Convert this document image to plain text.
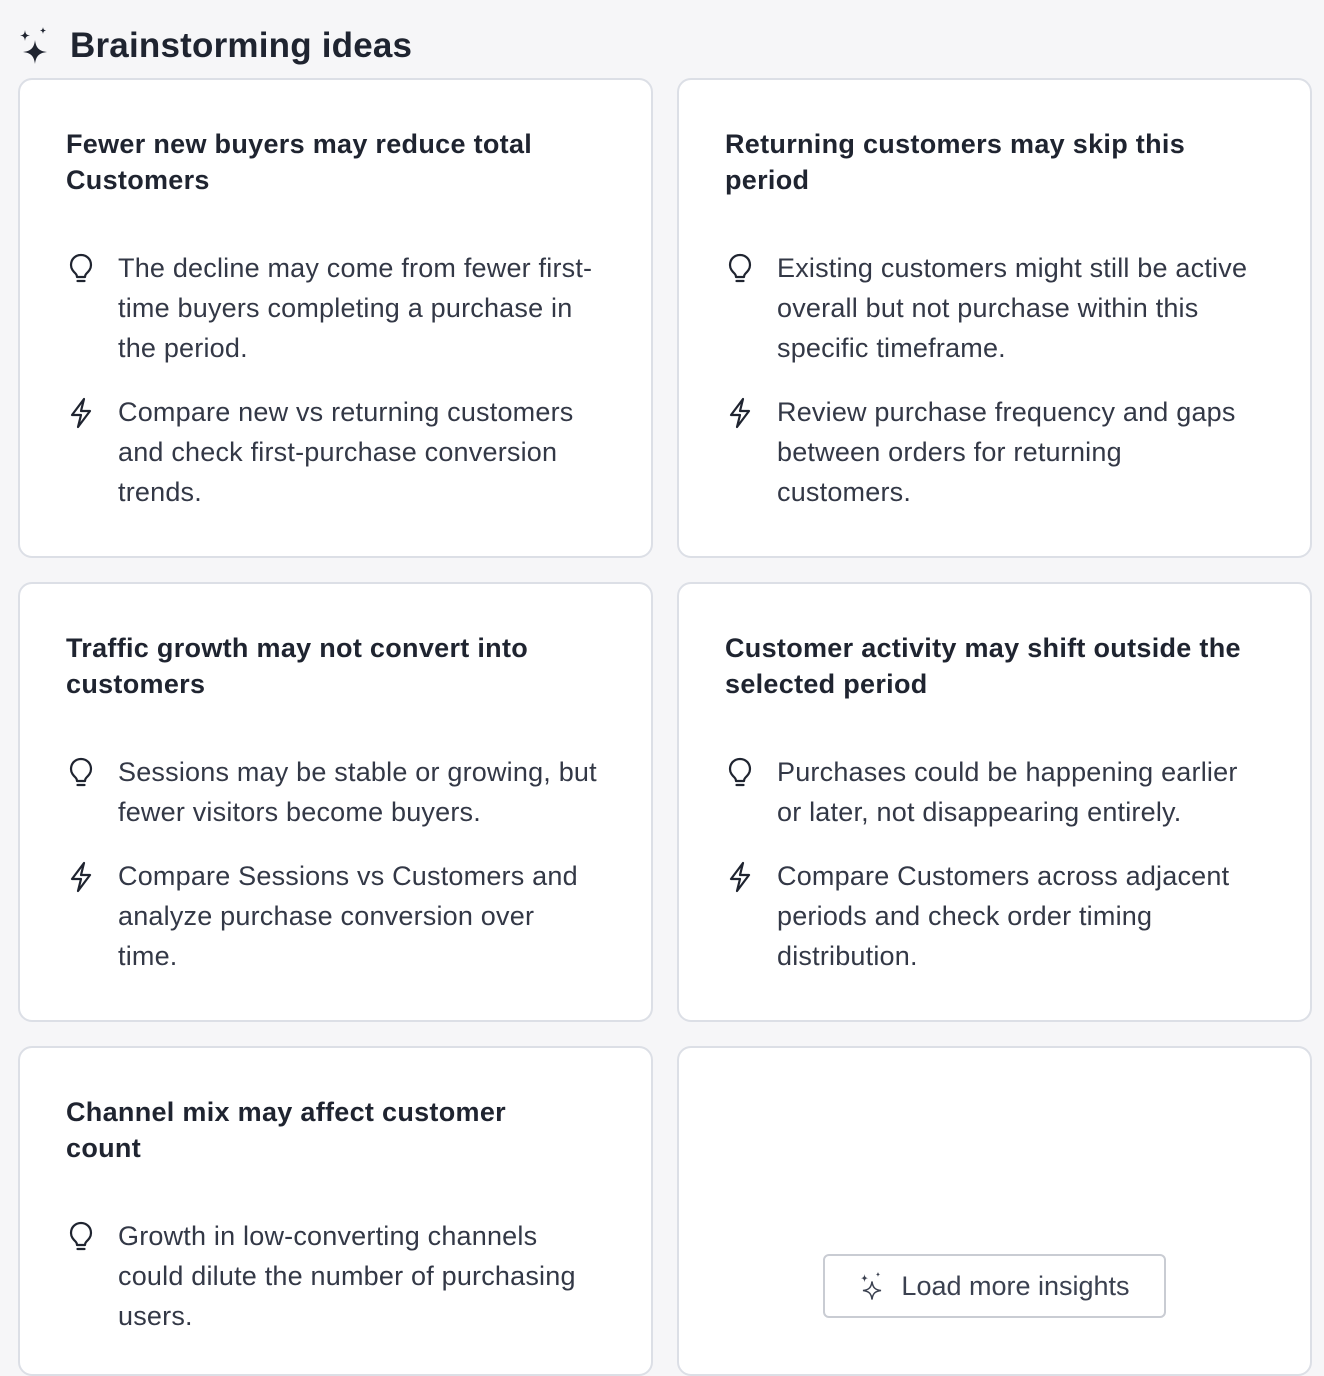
Brainstorming ideas
Fewer new buyers may reduce total Customers

The decline may come from fewer first-time buyers completing a purchase in the period.

Compare new vs returning customers and check first-purchase conversion trends.

Returning customers may skip this period

Existing customers might still be active overall but not purchase within this specific timeframe.

Review purchase frequency and gaps between orders for returning customers.

Traffic growth may not convert into customers

Sessions may be stable or growing, but fewer visitors become buyers.

Compare Sessions vs Customers and analyze purchase conversion over time.

Customer activity may shift outside the selected period

Purchases could be happening earlier or later, not disappearing entirely.

Compare Customers across adjacent periods and check order timing distribution.

Channel mix may affect customer count

Growth in low-converting channels could dilute the number of purchasing users.

Load more insights
